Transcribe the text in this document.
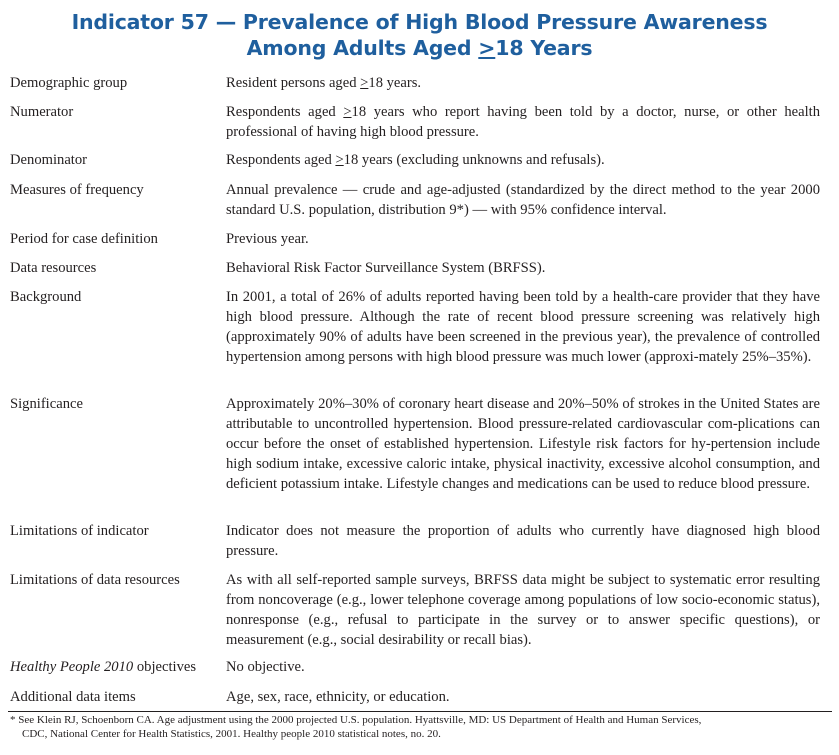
Indicator 57 — Prevalence of High Blood Pressure Awareness
Among Adults Aged >18 Years
Demographic group	Resident persons aged ≥18 years.
Numerator	Respondents aged ≥18 years who report having been told by a doctor, nurse, or other health professional of having high blood pressure.
Denominator	Respondents aged ≥18 years (excluding unknowns and refusals).
Measures of frequency	Annual prevalence — crude and age-adjusted (standardized by the direct method to the year 2000 standard U.S. population, distribution 9*) — with 95% confidence interval.
Period for case definition	Previous year.
Data resources	Behavioral Risk Factor Surveillance System (BRFSS).
Background	In 2001, a total of 26% of adults reported having been told by a health-care provider that they have high blood pressure. Although the rate of recent blood pressure screening was relatively high (approximately 90% of adults have been screened in the previous year), the prevalence of controlled hypertension among persons with high blood pressure was much lower (approxi-mately 25%–35%).
Significance	Approximately 20%–30% of coronary heart disease and 20%–50% of strokes in the United States are attributable to uncontrolled hypertension. Blood pressure-related cardiovascular com-plications can occur before the onset of established hypertension. Lifestyle risk factors for hy-pertension include high sodium intake, excessive caloric intake, physical inactivity, excessive alcohol consumption, and deficient potassium intake. Lifestyle changes and medications can be used to reduce blood pressure.
Limitations of indicator	Indicator does not measure the proportion of adults who currently have diagnosed high blood pressure.
Limitations of data resources	As with all self-reported sample surveys, BRFSS data might be subject to systematic error resulting from noncoverage (e.g., lower telephone coverage among populations of low socio-economic status), nonresponse (e.g., refusal to participate in the survey or to answer specific questions), or measurement (e.g., social desirability or recall bias).
Healthy People 2010 objectives	No objective.
Additional data items	Age, sex, race, ethnicity, or education.
* See Klein RJ, Schoenborn CA. Age adjustment using the 2000 projected U.S. population. Hyattsville, MD: US Department of Health and Human Services,
CDC, National Center for Health Statistics, 2001. Healthy people 2010 statistical notes, no. 20.
